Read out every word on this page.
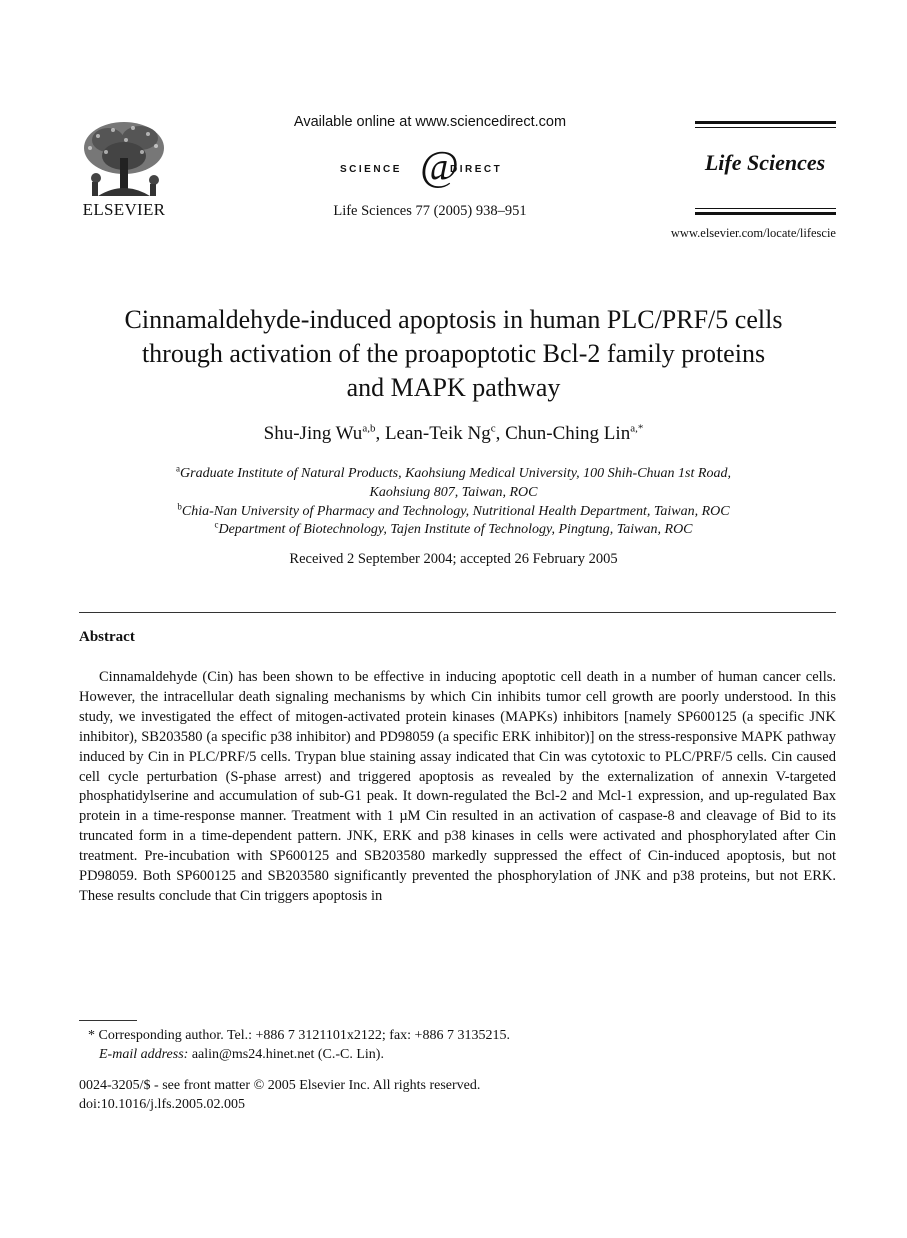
ELSEVIER
Available online at www.sciencedirect.com
SCIENCE @
DIRECT
Life Sciences 77 (2005) 938–951
Life Sciences
www.elsevier.com/locate/lifescie
Cinnamaldehyde-induced apoptosis in human PLC/PRF/5 cells
through activation of the proapoptotic Bcl-2 family proteins
and MAPK pathway
Shu-Jing Wu$^{a,b}$, Lean-Teik Ng$^c$, Chun-Ching Lin$^{a,*}$
$^a$Graduate Institute of Natural Products, Kaohsiung Medical University, 100 Shih-Chuan 1st Road,
Kaohsiung 807, Taiwan, ROC
$^b$Chia-Nan University of Pharmacy and Technology, Nutritional Health Department, Taiwan, ROC
$^c$Department of Biotechnology, Tajen Institute of Technology, Pingtung, Taiwan, ROC
Received 2 September 2004; accepted 26 February 2005
Abstract
Cinnamaldehyde (Cin) has been shown to be effective in inducing apoptotic cell death in a number of human cancer cells. However, the intracellular death signaling mechanisms by which Cin inhibits tumor cell growth are poorly understood. In this study, we investigated the effect of mitogen-activated protein kinases (MAPKs) inhibitors [namely SP600125 (a specific JNK inhibitor), SB203580 (a specific p38 inhibitor) and PD98059 (a specific ERK inhibitor)] on the stress-responsive MAPK pathway induced by Cin in PLC/PRF/5 cells. Trypan blue staining assay indicated that Cin was cytotoxic to PLC/PRF/5 cells. Cin caused cell cycle perturbation (S-phase arrest) and triggered apoptosis as revealed by the externalization of annexin V-targeted phosphatidylserine and accumulation of sub-G1 peak. It down-regulated the Bcl-2 and Mcl-1 expression, and up-regulated Bax protein in a time-response manner. Treatment with 1 µM Cin resulted in an activation of caspase-8 and cleavage of Bid to its truncated form in a time-dependent pattern. JNK, ERK and p38 kinases in cells were activated and phosphorylated after Cin treatment. Pre-incubation with SP600125 and SB203580 markedly suppressed the effect of Cin-induced apoptosis, but not PD98059. Both SP600125 and SB203580 significantly prevented the phosphorylation of JNK and p38 proteins, but not ERK. These results conclude that Cin triggers apoptosis in
* Corresponding author. Tel.: +886 7 3121101x2122; fax: +886 7 3135215.
E-mail address: aalin@ms24.hinet.net (C.-C. Lin).
0024-3205/$ - see front matter © 2005 Elsevier Inc. All rights reserved.
doi:10.1016/j.lfs.2005.02.005
